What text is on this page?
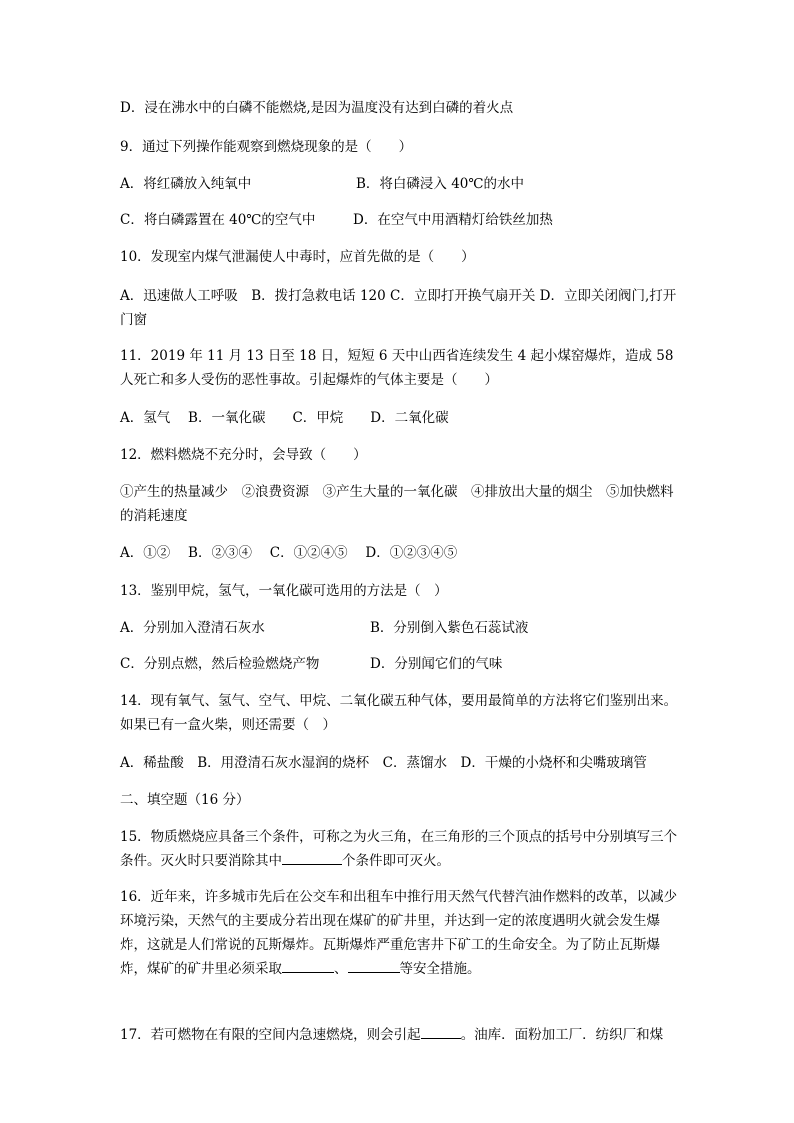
D．浸在沸水中的白磷不能燃烧,是因为温度没有达到白磷的着火点
9．通过下列操作能观察到燃烧现象的是（　　）
A．将红磷放入纯氧中	B．将白磷浸入 40℃的水中
C．将白磷露置在 40℃的空气中	D．在空气中用酒精灯给铁丝加热
10．发现室内煤气泄漏使人中毒时，应首先做的是（　　）
A．迅速做人工呼吸　B．拨打急救电话 120 C．立即打开换气扇开关 D．立即关闭阀门,打开门窗
11．2019 年 11 月 13 日至 18 日，短短 6 天中山西省连续发生 4 起小煤窑爆炸，造成 58 人死亡和多人受伤的恶性事故。引起爆炸的气体主要是（　　）
A．氢气　 B．一氧化碳　　C．甲烷　　D．二氧化碳
12．燃料燃烧不充分时，会导致（　　）
①产生的热量减少　②浪费资源　③产生大量的一氧化碳　④排放出大量的烟尘　⑤加快燃料的消耗速度
A．①②　 B．②③④　 C．①②④⑤　 D．①②③④⑤
13．鉴别甲烷，氢气，一氧化碳可选用的方法是（　）
A．分别加入澄清石灰水	B．分别倒入紫色石蕊试液
C．分别点燃，然后检验燃烧产物	D．分别闻它们的气味
14．现有氧气、氢气、空气、甲烷、二氧化碳五种气体，要用最简单的方法将它们鉴别出来。如果已有一盒火柴，则还需要（　）
A．稀盐酸　B．用澄清石灰水湿润的烧杯　C．蒸馏水　D．干燥的小烧杯和尖嘴玻璃管
二、填空题（16 分）
15．物质燃烧应具备三个条件，可称之为火三角，在三角形的三个顶点的括号中分别填写三个条件。灭火时只要消除其中	个条件即可灭火。
16．近年来，许多城市先后在公交车和出租车中推行用天然气代替汽油作燃料的改革，以减少环境污染，天然气的主要成分若出现在煤矿的矿井里，并达到一定的浓度遇明火就会发生爆炸，这就是人们常说的瓦斯爆炸。瓦斯爆炸严重危害井下矿工的生命安全。为了防止瓦斯爆炸，煤矿的矿井里必须采取	、	等安全措施。
17．若可燃物在有限的空间内急速燃烧，则会引起	。油库．面粉加工厂．纺织厂和煤
